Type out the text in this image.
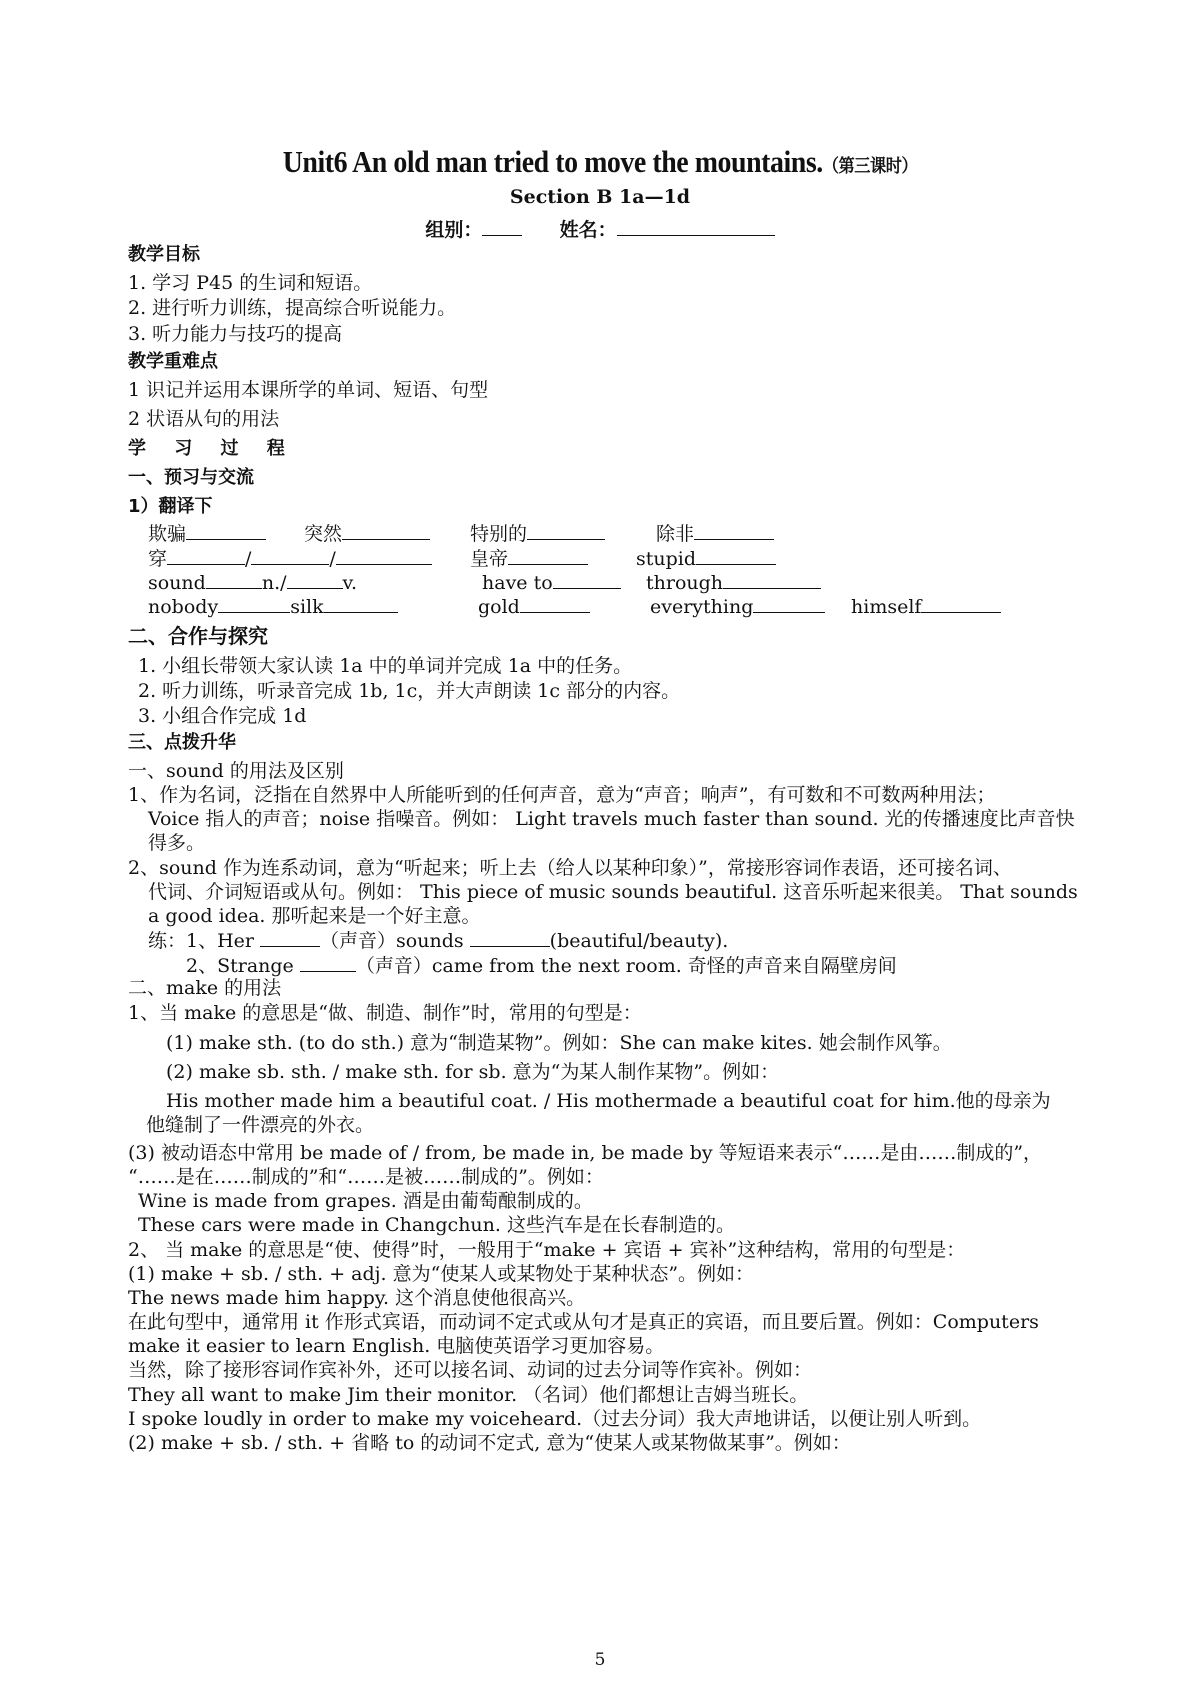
Unit6 An old man tried to move the mountains.（第三课时）
Section B 1a—1d
组别：	姓名：
教学目标
1. 学习 P45 的生词和短语。
2. 进行听力训练，提高综合听说能力。
3. 听力能力与技巧的提高
教学重难点
1 识记并运用本课所学的单词、短语、句型
2 状语从句的用法
学 习 过 程
一、预习与交流
1）翻译下
欺骗	突然	特别的	除非
穿	/	/	皇帝	stupid
sound	n./	v.	have to	through
nobody	silk	gold	everything	himself
二、合作与探究
1. 小组长带领大家认读 1a 中的单词并完成 1a 中的任务。
2. 听力训练，听录音完成 1b, 1c，并大声朗读 1c 部分的内容。
3. 小组合作完成 1d
三、点拨升华
一、sound 的用法及区别
1、作为名词，泛指在自然界中人所能听到的任何声音，意为“声音；响声”，有可数和不可数两种用法；
Voice 指人的声音；noise 指噪音。例如： Light travels much faster than sound. 光的传播速度比声音快
得多。
2、sound 作为连系动词，意为“听起来；听上去（给人以某种印象）”，常接形容词作表语，还可接名词、
代词、介词短语或从句。例如： This piece of music sounds beautiful. 这音乐听起来很美。 That sounds
a good idea. 那听起来是一个好主意。
练：1、Her	（声音）sounds	(beautiful/beauty).
2、Strange	（声音）came from the next room. 奇怪的声音来自隔壁房间
二、make 的用法
1、当 make 的意思是“做、制造、制作”时，常用的句型是：
(1) make sth. (to do sth.) 意为“制造某物”。例如：She can make kites. 她会制作风筝。
(2) make sb. sth. / make sth. for sb. 意为“为某人制作某物”。例如：
His mother made him a beautiful coat. / His mothermade a beautiful coat for him.他的母亲为
他缝制了一件漂亮的外衣。
(3) 被动语态中常用 be made of / from, be made in, be made by 等短语来表示“……是由……制成的”，
“……是在……制成的”和“……是被……制成的”。例如：
Wine is made from grapes. 酒是由葡萄酿制成的。
These cars were made in Changchun. 这些汽车是在长春制造的。
2、 当 make 的意思是“使、使得”时，一般用于“make + 宾语 + 宾补”这种结构，常用的句型是：
(1) make + sb. / sth. + adj. 意为“使某人或某物处于某种状态”。例如：
The news made him happy. 这个消息使他很高兴。
在此句型中，通常用 it 作形式宾语，而动词不定式或从句才是真正的宾语，而且要后置。例如：Computers
make it easier to learn English. 电脑使英语学习更加容易。
当然，除了接形容词作宾补外，还可以接名词、动词的过去分词等作宾补。例如：
They all want to make Jim their monitor. （名词）他们都想让吉姆当班长。
I spoke loudly in order to make my voiceheard.（过去分词）我大声地讲话，以便让别人听到。
(2) make + sb. / sth. + 省略 to 的动词不定式, 意为“使某人或某物做某事”。例如：
5
